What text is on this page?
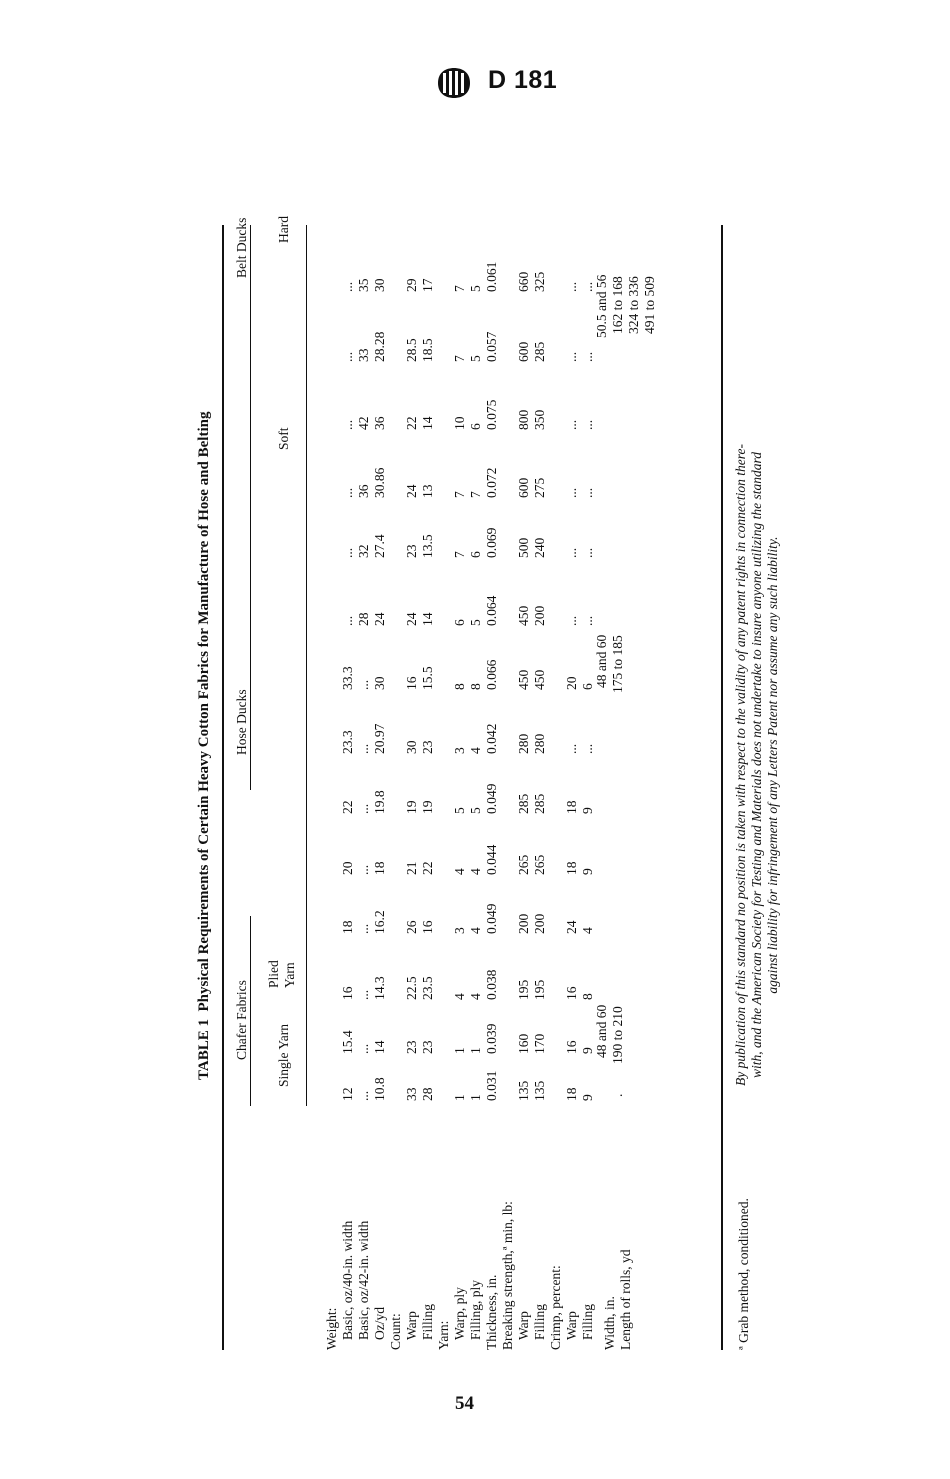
D 181
TABLE 1  Physical Requirements of Certain Heavy Cotton Fabrics for Manufacture of Hose and Belting
Chafer Fabrics
Hose Ducks
Belt Ducks
Single Yarn
Plied Yarn
Soft
Hard
Weight: Basic, oz/40-in. width Basic, oz/42-in. width Oz/yd Count: Warp Filling Yarn: Warp, ply Filling, ply Thickness, in. Breaking strength,ª min, lb: Warp Filling Crimp, percent: Warp Filling Width, in. Length of rolls, yd
12 ... 10.8 33 28 1 1 0.031 135 135 18 9
15.4 ... 14 23 23 1 1 0.039 160 170 16 9
16 ... 14.3 22.5 23.5 4 4 0.038 195 195 16 8
18 ... 16.2 26 16 3 4 0.049 200 200 24 4
20 ... 18 21 22 4 4 0.044 265 265 18 9
22 ... 19.8 19 19 5 5 0.049 285 285 18 9
23.3 ... 20.97 30 23 3 4 0.042 280 280 ... ...
33.3 ... 30 16 15.5 8 8 0.066 450 450 20 6
... 28 24 24 14 6 5 0.064 450 200 ... ...
... 32 27.4 23 13.5 7 6 0.069 500 240 ... ...
... 36 30.86 24 13 7 7 0.072 600 275 ... ...
... 42 36 22 14 10 6 0.075 800 350 ... ...
... 33 28.28 28.5 18.5 7 5 0.057 600 285 ... ...
... 35 30 29 17 7 5 0.061 660 325 ... ...
48 and 60 190 to 210
.
48 and 60 175 to 185
50.5 and 56 162 to 168 324 to 336 491 to 509
ª Grab method, conditioned.
By publication of this standard no position is taken with respect to the validity of any patent rights in connection there- with, and the American Society for Testing and Materials does not undertake to insure anyone utilizing the standard against liability for infringement of any Letters Patent nor assume any such liability.
54
